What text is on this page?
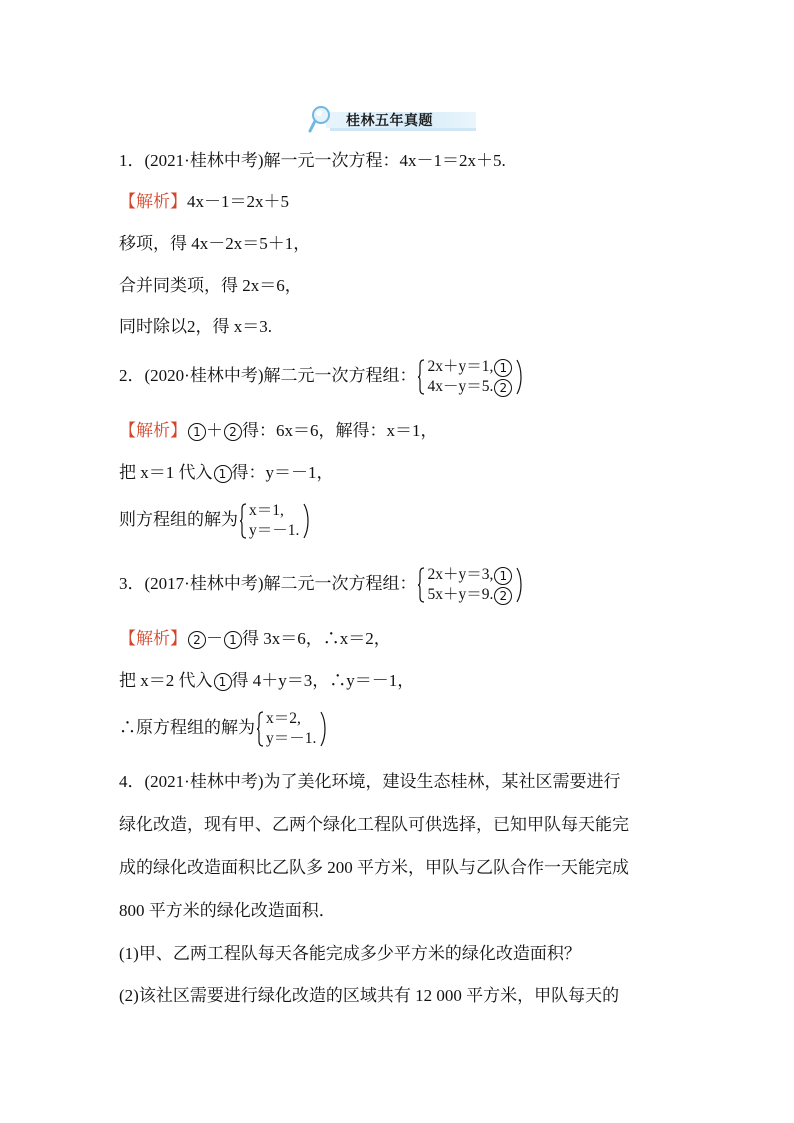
桂林五年真题
1．(2021·桂林中考)解一元一次方程：4x－1＝2x＋5.
【解析】4x－1＝2x＋5
移项，得 4x－2x＝5＋1，
合并同类项，得 2x＝6，
同时除以2，得 x＝3.
2．(2020·桂林中考)解二元一次方程组： 2x＋y＝1, 1
4x－y＝5. 2
【解析】 1 ＋ 2 得：6x＝6，解得：x＝1，
把 x＝1 代入 1 得：y＝－1，
则方程组的解为 x＝1,
y＝－1.
3．(2017·桂林中考)解二元一次方程组： 2x＋y＝3, 1
5x＋y＝9. 2
【解析】 2 － 1 得 3x＝6，∴x＝2，
把 x＝2 代入 1 得 4＋y＝3，∴y＝－1，
∴原方程组的解为 x＝2,
y＝－1.
4．(2021·桂林中考)为了美化环境，建设生态桂林，某社区需要进行
绿化改造，现有甲、乙两个绿化工程队可供选择，已知甲队每天能完
成的绿化改造面积比乙队多 200 平方米，甲队与乙队合作一天能完成
800 平方米的绿化改造面积．
(1)甲、乙两工程队每天各能完成多少平方米的绿化改造面积？
(2)该社区需要进行绿化改造的区域共有 12 000 平方米，甲队每天的
